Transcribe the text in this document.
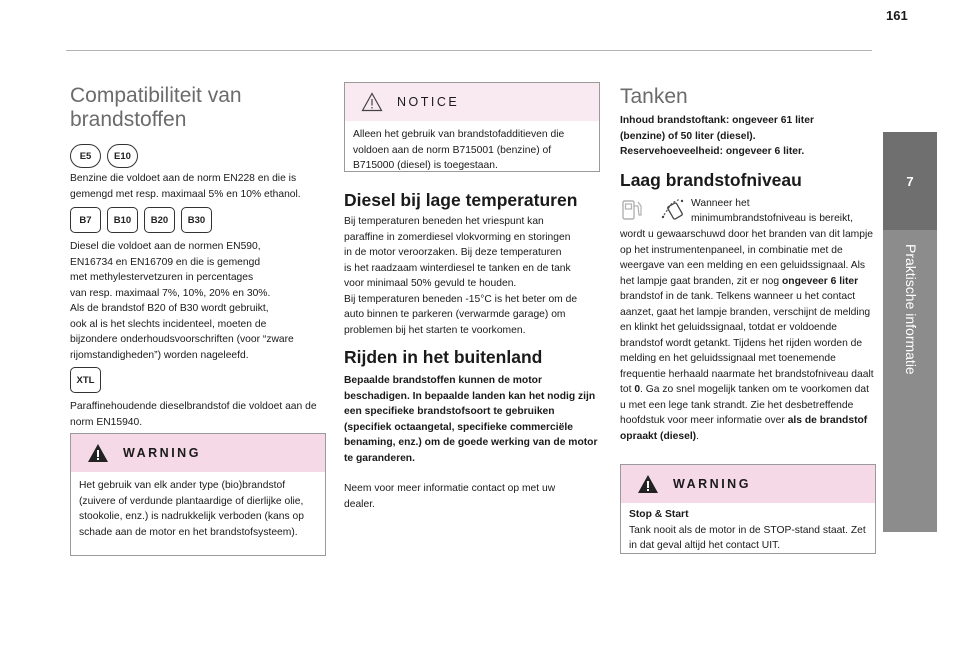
161
7
Praktische informatie
Compatibiliteit van brandstoffen
E5	E10
Benzine die voldoet aan de norm EN228 en die is gemengd met resp. maximaal 5% en 10% ethanol.
B7	B10	B20	B30
Diesel die voldoet aan de normen EN590,
EN16734 en EN16709 en die is gemengd
met methylestervetzuren in percentages
van resp. maximaal 7%, 10%, 20% en 30%.
Als de brandstof B20 of B30 wordt gebruikt,
ook al is het slechts incidenteel, moeten de
bijzondere onderhoudsvoorschriften (voor “zware
rijomstandigheden”) worden nageleefd.
XTL
Paraffinehoudende dieselbrandstof die voldoet aan de norm EN15940.
WARNING
Het gebruik van elk ander type (bio)brandstof (zuivere of verdunde plantaardige of dierlijke olie, stookolie, enz.) is nadrukkelijk verboden (kans op schade aan de motor en het brandstofsysteem).
NOTICE
Alleen het gebruik van brandstofadditieven die voldoen aan de norm B715001 (benzine) of B715000 (diesel) is toegestaan.
Diesel bij lage temperaturen
Bij temperaturen beneden het vriespunt kan
paraffine in zomerdiesel vlokvorming en storingen
in de motor veroorzaken. Bij deze temperaturen
is het raadzaam winterdiesel te tanken en de tank
voor minimaal 50% gevuld te houden.
Bij temperaturen beneden -15°C is het beter om de
auto binnen te parkeren (verwarmde garage) om
problemen bij het starten te voorkomen.
Rijden in het buitenland
Bepaalde brandstoffen kunnen de motor beschadigen. In bepaalde landen kan het nodig zijn een specifieke brandstofsoort te gebruiken (specifiek octaangetal, specifieke commerciële benaming, enz.) om de goede werking van de motor te garanderen.
Neem voor meer informatie contact op met uw dealer.
Tanken
Inhoud brandstoftank: ongeveer 61 liter
(benzine) of 50 liter (diesel).
Reservehoeveelheid: ongeveer 6 liter.
Laag brandstofniveau
Wanneer het
minimumbrandstofniveau is bereikt,
wordt u gewaarschuwd door het branden van dit lampje op het instrumentenpaneel, in combinatie met de weergave van een melding en een geluidssignaal. Als het lampje gaat branden, zit er nog ongeveer 6 liter brandstof in de tank. Telkens wanneer u het contact aanzet, gaat het lampje branden, verschijnt de melding en klinkt het geluidssignaal, totdat er voldoende brandstof wordt getankt. Tijdens het rijden worden de melding en het geluidssignaal met toenemende frequentie herhaald naarmate het brandstofniveau daalt tot 0. Ga zo snel mogelijk tanken om te voorkomen dat u met een lege tank strandt. Zie het desbetreffende hoofdstuk voor meer informatie over als de brandstof opraakt (diesel).
WARNING
Stop & Start
Tank nooit als de motor in de STOP-stand staat. Zet in dat geval altijd het contact UIT.
